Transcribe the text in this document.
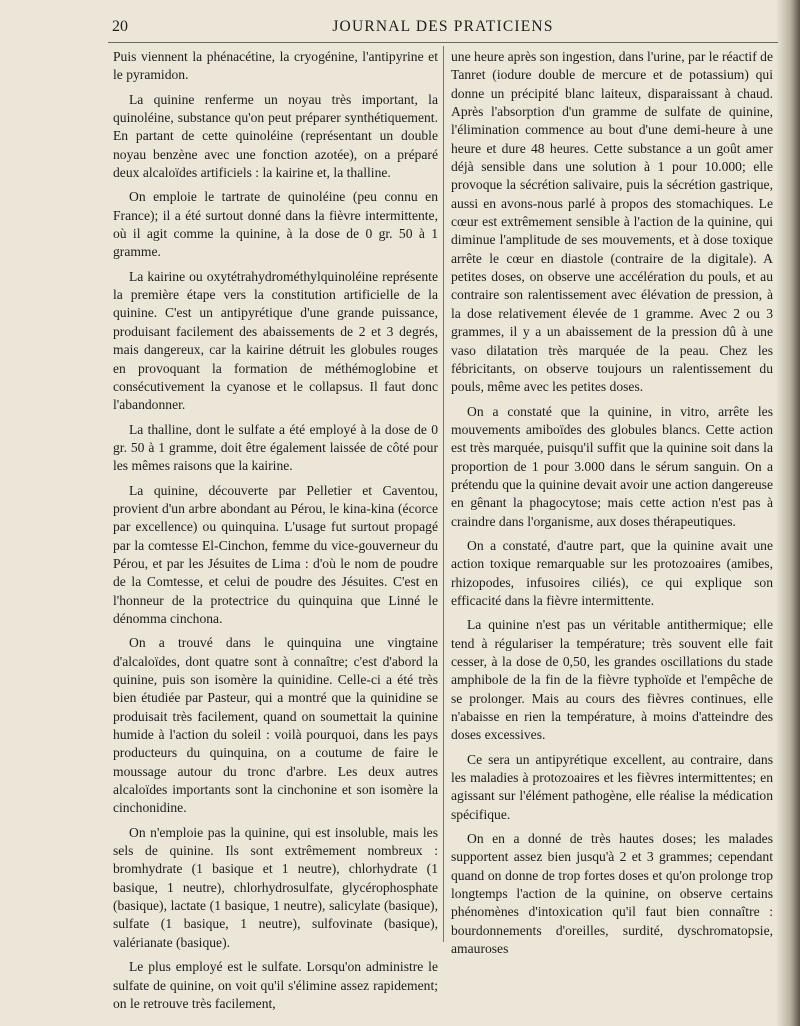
20	JOURNAL DES PRATICIENS

Puis viennent la phénacétine, la cryogénine, l'antipyrine et le pyramidon.

La quinine renferme un noyau très important, la quinoléine, substance qu'on peut préparer synthétiquement. En partant de cette quinoléine (représentant un double noyau benzène avec une fonction azotée), on a préparé deux alcaloïdes artificiels : la kairine et, la thalline.

On emploie le tartrate de quinoléine (peu connu en France); il a été surtout donné dans la fièvre intermittente, où il agit comme la quinine, à la dose de 0 gr. 50 à 1 gramme.

La kairine ou oxytétrahydrométhylquinoléine représente la première étape vers la constitution artificielle de la quinine. C'est un antipyrétique d'une grande puissance, produisant facilement des abaissements de 2 et 3 degrés, mais dangereux, car la kairine détruit les globules rouges en provoquant la formation de méthémoglobine et consécutivement la cyanose et le collapsus. Il faut donc l'abandonner.

La thalline, dont le sulfate a été employé à la dose de 0 gr. 50 à 1 gramme, doit être également laissée de côté pour les mêmes raisons que la kairine.

La quinine, découverte par Pelletier et Caventou, provient d'un arbre abondant au Pérou, le kina-kina (écorce par excellence) ou quinquina. L'usage fut surtout propagé par la comtesse El-Cinchon, femme du vice-gouverneur du Pérou, et par les Jésuites de Lima : d'où le nom de poudre de la Comtesse, et celui de poudre des Jésuites. C'est en l'honneur de la protectrice du quinquina que Linné le dénomma cinchona.

On a trouvé dans le quinquina une vingtaine d'alcaloïdes, dont quatre sont à connaître; c'est d'abord la quinine, puis son isomère la quinidine. Celle-ci a été très bien étudiée par Pasteur, qui a montré que la quinidine se produisait très facilement, quand on soumettait la quinine humide à l'action du soleil : voilà pourquoi, dans les pays producteurs du quinquina, on a coutume de faire le moussage autour du tronc d'arbre. Les deux autres alcaloïdes importants sont la cinchonine et son isomère la cinchonidine.

On n'emploie pas la quinine, qui est insoluble, mais les sels de quinine. Ils sont extrêmement nombreux : bromhydrate (1 basique et 1 neutre), chlorhydrate (1 basique, 1 neutre), chlorhydrosulfate, glycérophosphate (basique), lactate (1 basique, 1 neutre), salicylate (basique), sulfate (1 basique, 1 neutre), sulfovinate (basique), valérianate (basique).

Le plus employé est le sulfate. Lorsqu'on administre le sulfate de quinine, on voit qu'il s'élimine assez rapidement; on le retrouve très facilement,

une heure après son ingestion, dans l'urine, par le réactif de Tanret (iodure double de mercure et de potassium) qui donne un précipité blanc laiteux, disparaissant à chaud. Après l'absorption d'un gramme de sulfate de quinine, l'élimination commence au bout d'une demi-heure à une heure et dure 48 heures. Cette substance a un goût amer déjà sensible dans une solution à 1 pour 10.000; elle provoque la sécrétion salivaire, puis la sécrétion gastrique, aussi en avons-nous parlé à propos des stomachiques. Le cœur est extrêmement sensible à l'action de la quinine, qui diminue l'amplitude de ses mouvements, et à dose toxique arrête le cœur en diastole (contraire de la digitale). A petites doses, on observe une accélération du pouls, et au contraire son ralentissement avec élévation de pression, à la dose relativement élevée de 1 gramme. Avec 2 ou 3 grammes, il y a un abaissement de la pression dû à une vaso dilatation très marquée de la peau. Chez les fébricitants, on observe toujours un ralentissement du pouls, même avec les petites doses.

On a constaté que la quinine, in vitro, arrête les mouvements amiboïdes des globules blancs. Cette action est très marquée, puisqu'il suffit que la quinine soit dans la proportion de 1 pour 3.000 dans le sérum sanguin. On a prétendu que la quinine devait avoir une action dangereuse en gênant la phagocytose; mais cette action n'est pas à craindre dans l'organisme, aux doses thérapeutiques.

On a constaté, d'autre part, que la quinine avait une action toxique remarquable sur les protozoaires (amibes, rhizopodes, infusoires ciliés), ce qui explique son efficacité dans la fièvre intermittente.

La quinine n'est pas un véritable antithermique; elle tend à régulariser la température; très souvent elle fait cesser, à la dose de 0,50, les grandes oscillations du stade amphibole de la fin de la fièvre typhoïde et l'empêche de se prolonger. Mais au cours des fièvres continues, elle n'abaisse en rien la température, à moins d'atteindre des doses excessives.

Ce sera un antipyrétique excellent, au contraire, dans les maladies à protozoaires et les fièvres intermittentes; en agissant sur l'élément pathogène, elle réalise la médication spécifique.

On en a donné de très hautes doses; les malades supportent assez bien jusqu'à 2 et 3 grammes; cependant quand on donne de trop fortes doses et qu'on prolonge trop longtemps l'action de la quinine, on observe certains phénomènes d'intoxication qu'il faut bien connaître : bourdonnements d'oreilles, surdité, dyschromatopsie, amauroses
